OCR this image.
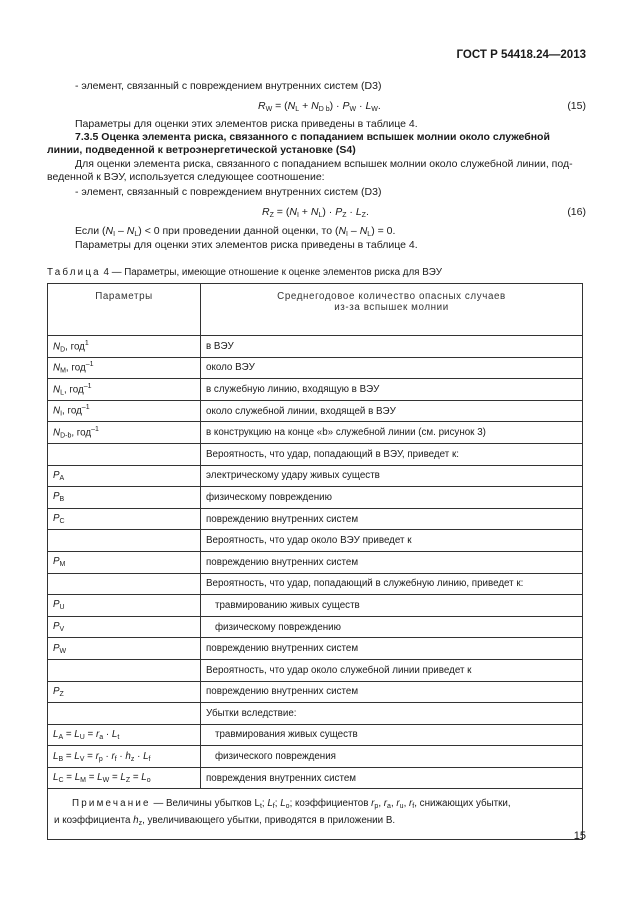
ГОСТ Р 54418.24—2013
- элемент, связанный с повреждением внутренних систем (D3)
$R_W = (N_L + N_{D b}) \cdot P_W \cdot L_W$.	(15)
Параметры для оценки этих элементов риска приведены в таблице 4.
7.3.5 Оценка элемента риска, связанного с попаданием вспышек молнии около служебной
линии, подведенной к ветроэнергетической установке (S4)
Для оценки элемента риска, связанного с попаданием вспышек молнии около служебной линии, под-
веденной к ВЭУ, используется следующее соотношение:
- элемент, связанный с повреждением внутренних систем (D3)
$R_Z = (N_I + N_L) \cdot P_Z \cdot L_Z$.	(16)
Если $(N_I - N_L) < 0$ при проведении данной оценки, то $(N_I - N_L) = 0$.
Параметры для оценки этих элементов риска приведены в таблице 4.
Таблица 4 — Параметры, имеющие отношение к оценке элементов риска для ВЭУ
Параметры	Среднегодовое количество опасных случаев
из-за вспышек молнии
$N_D$, год$^1$	в ВЭУ
$N_M$, год$^{-1}$	около ВЭУ
$N_L$, год$^{-1}$	в служебную линию, входящую в ВЭУ
$N_I$, год$^{-1}$	около служебной линии, входящей в ВЭУ
$N_{D-b}$, год$^{-1}$	в конструкцию на конце «b» служебной линии (см. рисунок 3)
	Вероятность, что удар, попадающий в ВЭУ, приведет к:
$P_A$	электрическому удару живых существ
$P_B$	физическому повреждению
$P_C$	повреждению внутренних систем
	Вероятность, что удар около ВЭУ приведет к
$P_M$	повреждению внутренних систем
	Вероятность, что удар, попадающий в служебную линию, приведет к:
$P_U$	травмированию живых существ
$P_V$	физическому повреждению
$P_W$	повреждению внутренних систем
	Вероятность, что удар около служебной линии приведет к
$P_Z$	повреждению внутренних систем
	Убытки вследствие:
$L_A = L_U = r_a \cdot L_t$	травмирования живых существ
$L_B = L_V = r_p \cdot r_f \cdot h_z \cdot L_f$	физического повреждения
$L_C = L_M = L_W = L_Z = L_o$	повреждения внутренних систем
Примечание — Величины убытков $L_t$; $L_f$; $L_o$; коэффициентов $r_p$, $r_a$, $r_u$, $r_f$, снижающих убытки,
и коэффициента $h_z$, увеличивающего убытки, приводятся в приложении В.	
15
